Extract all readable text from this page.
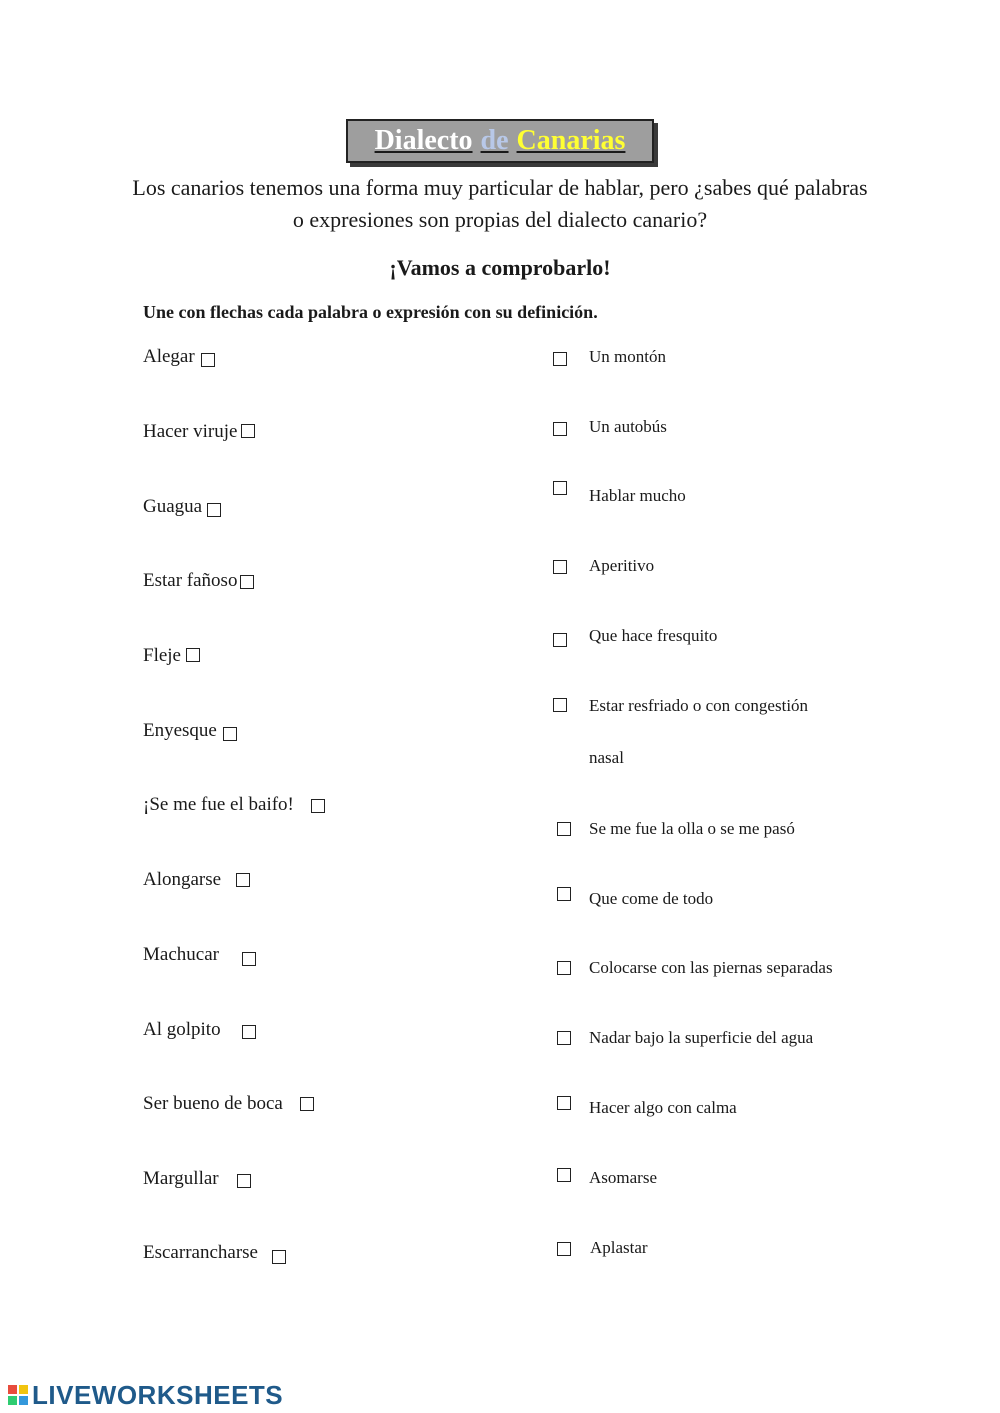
Dialecto de Canarias
Los canarios tenemos una forma muy particular de hablar, pero ¿sabes qué palabras o expresiones son propias del dialecto canario?
¡Vamos a comprobarlo!
Une con flechas cada palabra o expresión con su definición.
Alegar
Hacer viruje
Guagua
Estar fañoso
Fleje
Enyesque
¡Se me fue el baifo!
Alongarse
Machucar
Al golpito
Ser bueno de boca
Margullar
Escarrancharse
Un montón
Un autobús
Hablar mucho
Aperitivo
Que hace fresquito
Estar resfriado o con congestión
nasal
Se me fue la olla o se me pasó
Que come de todo
Colocarse con las piernas separadas
Nadar bajo la superficie del agua
Hacer algo con calma
Asomarse
Aplastar
LIVEWORKSHEETS
